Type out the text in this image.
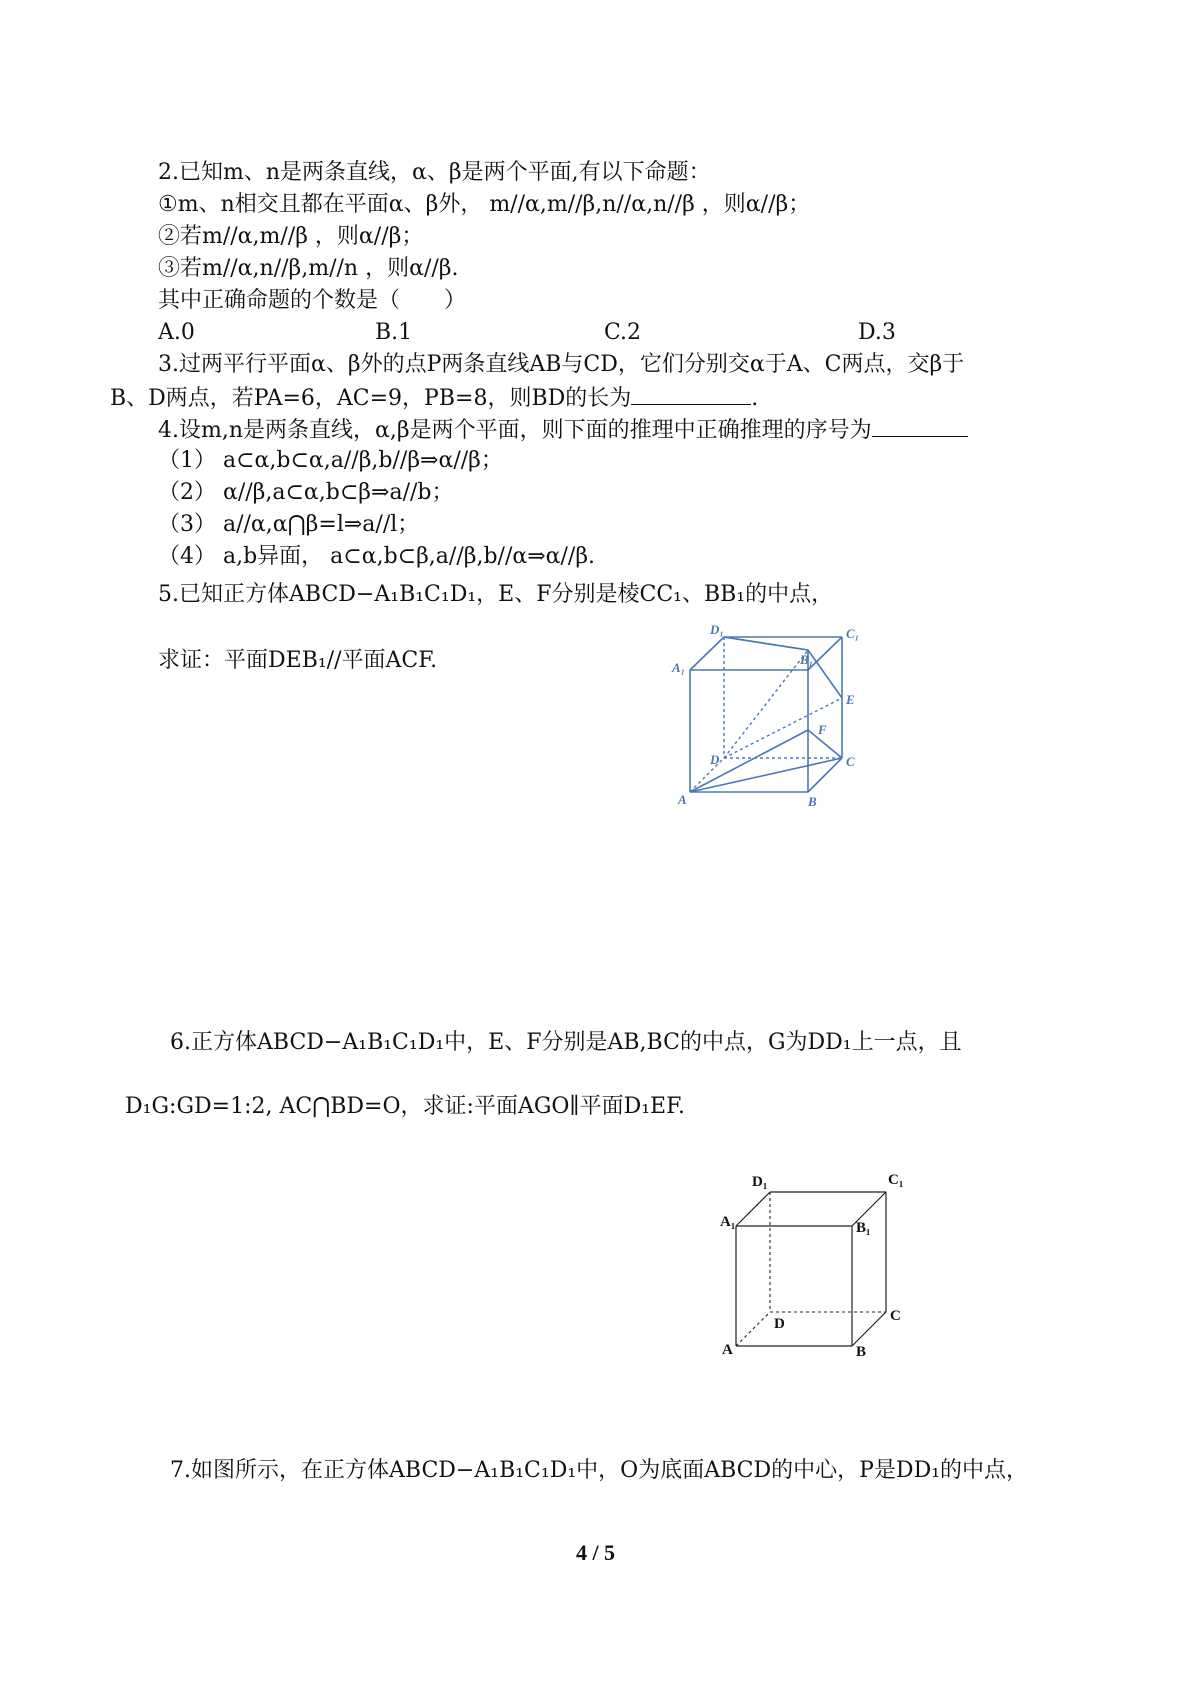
2.已知m、n是两条直线，α、β是两个平面,有以下命题：
①m、n相交且都在平面α、β外， m//α,m//β,n//α,n//β ，则α//β；
②若m//α,m//β ，则α//β；
③若m//α,n//β,m//n ，则α//β.
其中正确命题的个数是（　　）
A.0	B.1	C.2	D.3
3.过两平行平面α、β外的点P两条直线AB与CD，它们分别交α于A、C两点，交β于
B、D两点，若PA=6，AC=9，PB=8，则BD的长为	.
4.设m,n是两条直线，α,β是两个平面，则下面的推理中正确推理的序号为
（1） a⊂α,b⊂α,a//β,b//β⇒α//β；
（2） α//β,a⊂α,b⊂β⇒a//b；
（3） a//α,α⋂β=l⇒a//l；
（4） a,b异面， a⊂α,b⊂β,a//β,b//α⇒α//β.
5.已知正方体ABCD−A₁B₁C₁D₁，E、F分别是棱CC₁、BB₁的中点，
求证：平面DEB₁//平面ACF.
D₁	C₁
A₁
B₁
E
F
D	C
A	B
6.正方体ABCD−A₁B₁C₁D₁中，E、F分别是AB,BC的中点，G为DD₁上一点，且
D₁G:GD=1:2, AC⋂BD=O，求证:平面AGO∥平面D₁EF.
D₁	C₁
A₁	B₁
D	C
A	B
7.如图所示，在正方体ABCD−A₁B₁C₁D₁中，O为底面ABCD的中心，P是DD₁的中点，
4 / 5
